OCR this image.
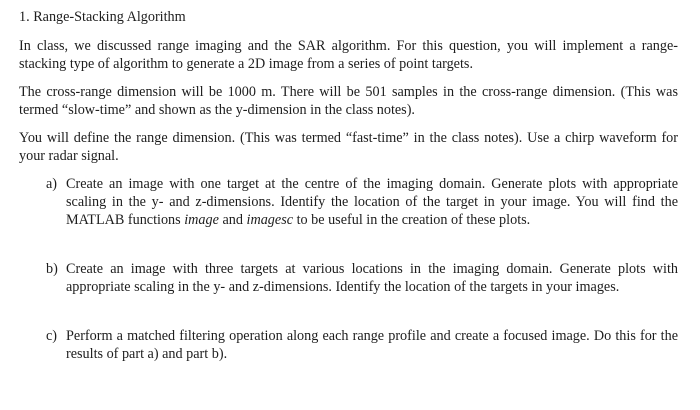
1. Range-Stacking Algorithm

In class, we discussed range imaging and the SAR algorithm. For this question, you will implement a range-stacking type of algorithm to generate a 2D image from a series of point targets.

The cross-range dimension will be 1000 m. There will be 501 samples in the cross-range dimension. (This was termed “slow-time” and shown as the y-dimension in the class notes).

You will define the range dimension. (This was termed “fast-time” in the class notes). Use a chirp waveform for your radar signal.

a) Create an image with one target at the centre of the imaging domain. Generate plots with appropriate scaling in the y- and z-dimensions. Identify the location of the target in your image. You will find the MATLAB functions image and imagesc to be useful in the creation of these plots.
b) Create an image with three targets at various locations in the imaging domain. Generate plots with appropriate scaling in the y- and z-dimensions. Identify the location of the targets in your images.
c) Perform a matched filtering operation along each range profile and create a focused image. Do this for the results of part a) and part b).
